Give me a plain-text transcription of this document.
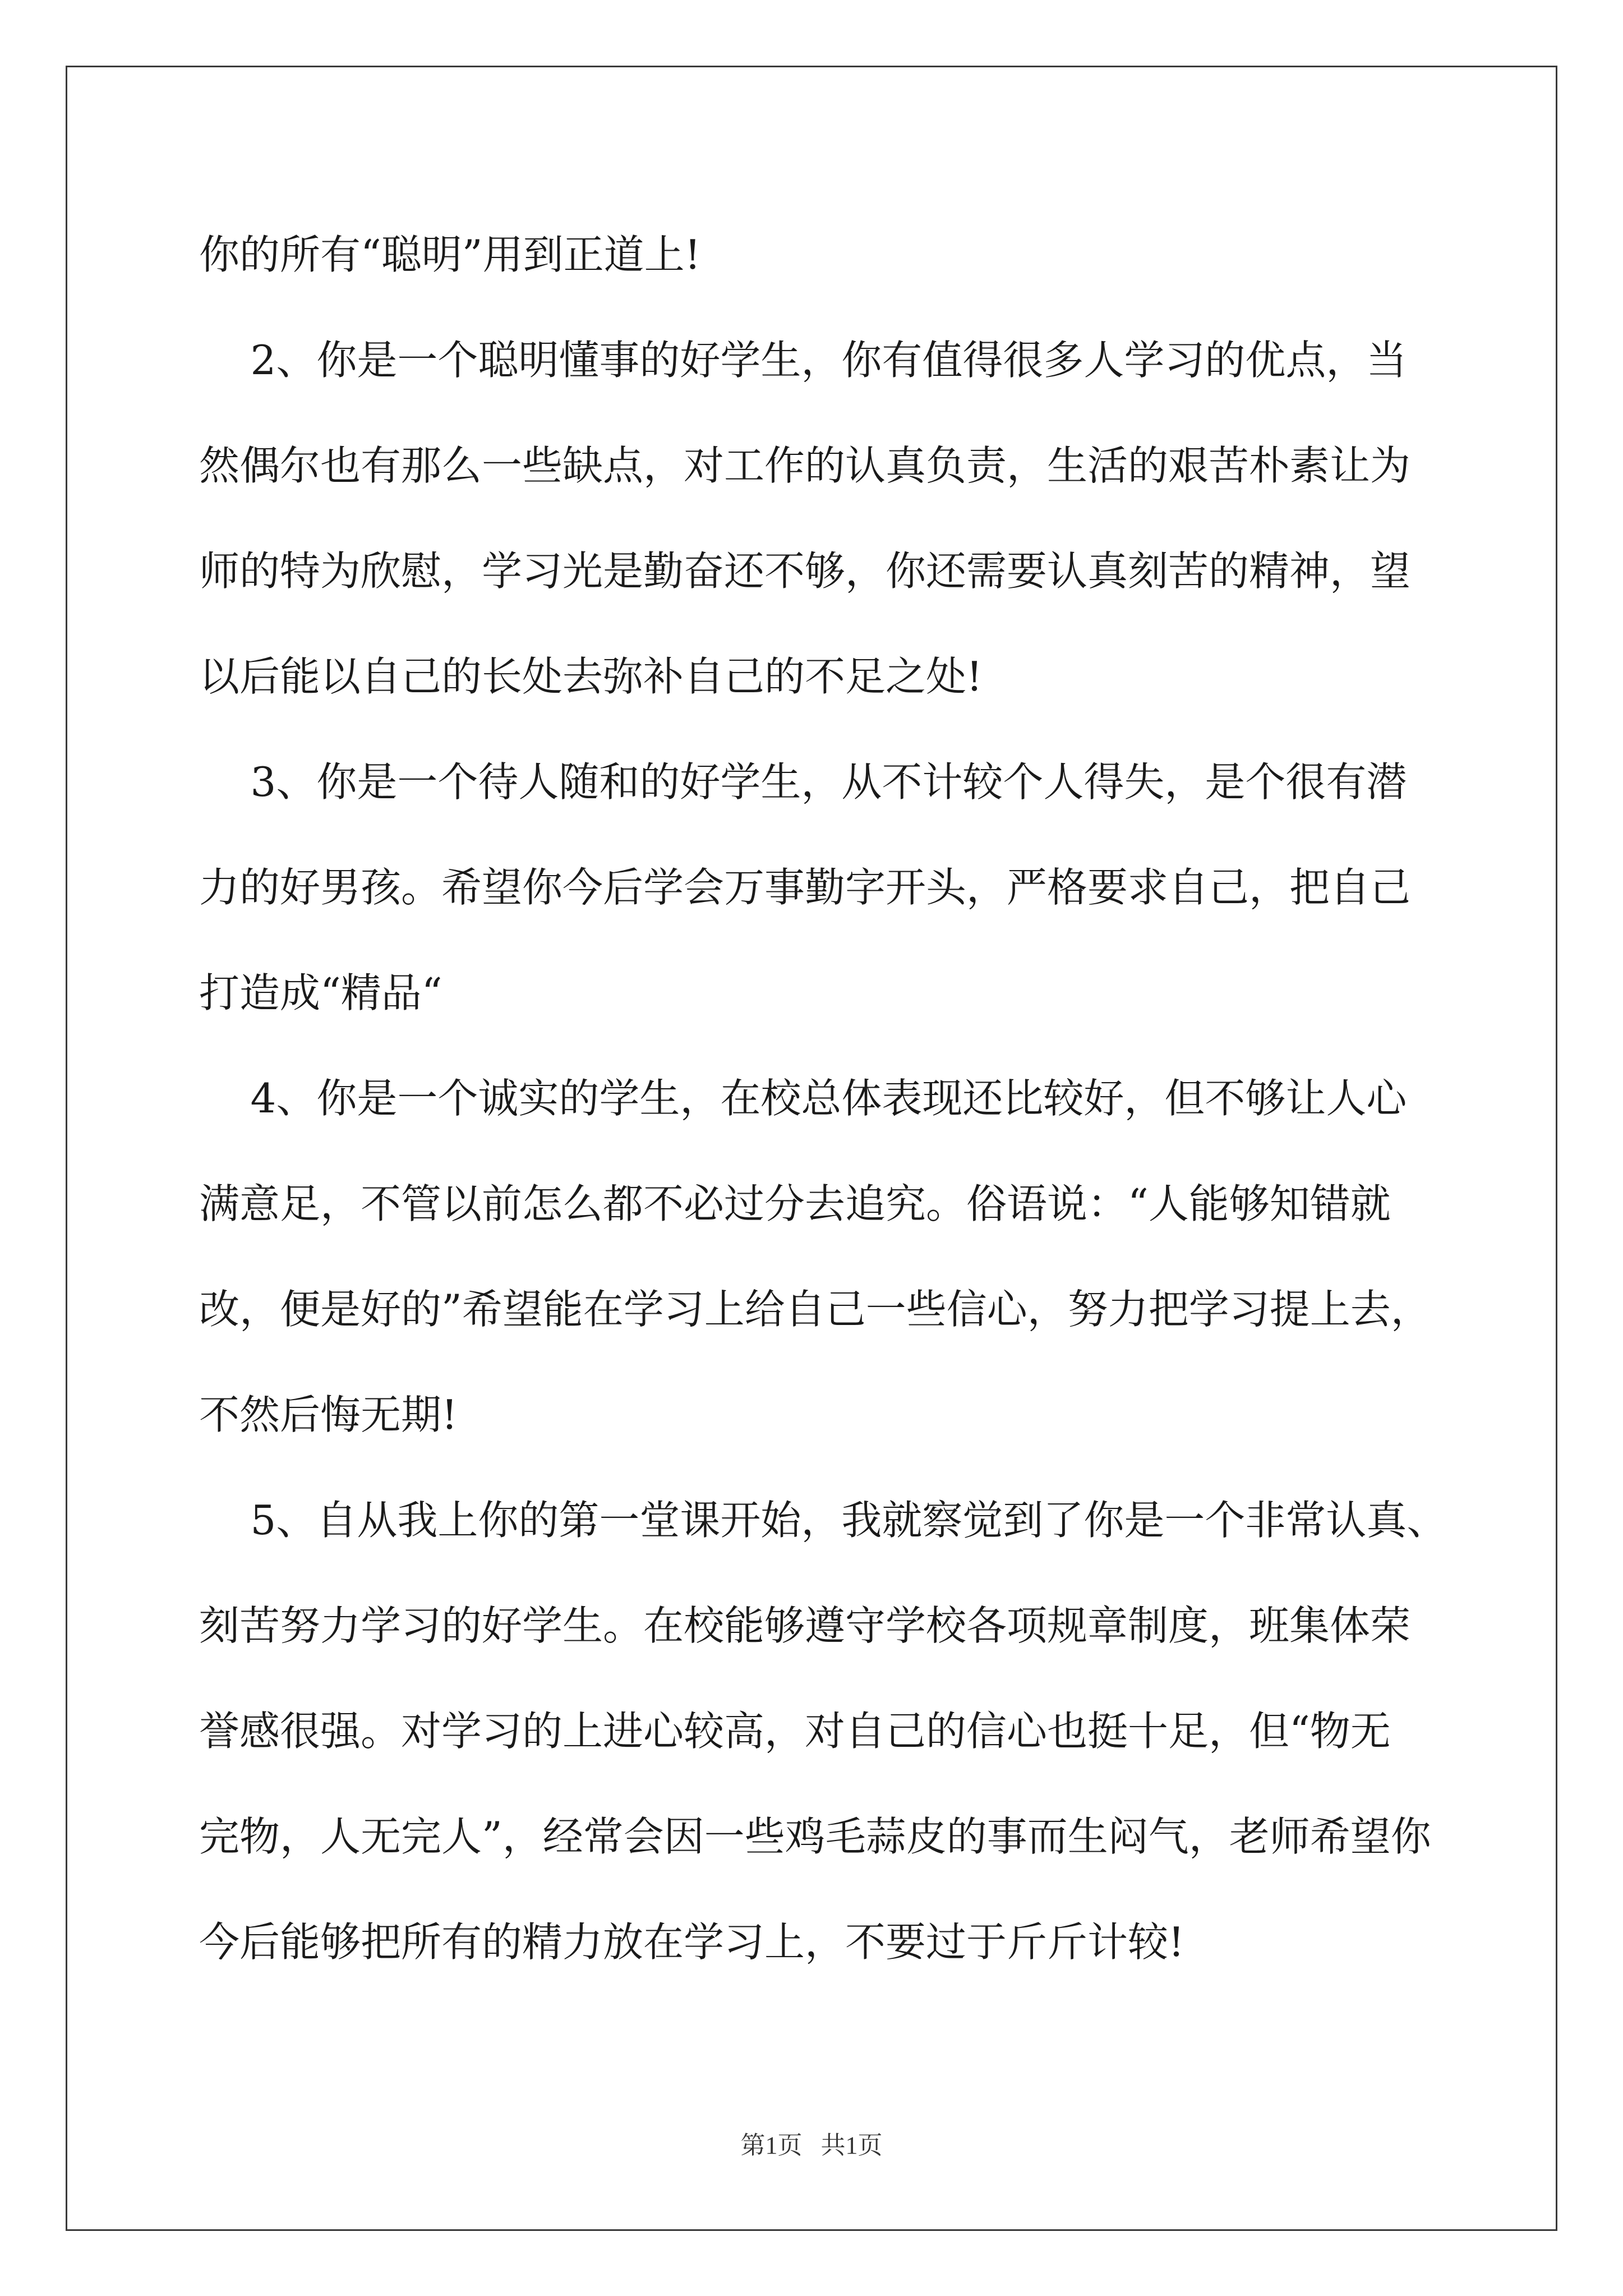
你的所有“聪明”用到正道上!

2、你是一个聪明懂事的好学生，你有值得很多人学习的优点，当

然偶尔也有那么一些缺点，对工作的认真负责，生活的艰苦朴素让为

师的特为欣慰，学习光是勤奋还不够，你还需要认真刻苦的精神，望

以后能以自己的长处去弥补自己的不足之处!

3、你是一个待人随和的好学生，从不计较个人得失，是个很有潜

力的好男孩。希望你今后学会万事勤字开头，严格要求自己，把自己

打造成“精品“

4、你是一个诚实的学生，在校总体表现还比较好，但不够让人心

满意足，不管以前怎么都不必过分去追究。俗语说：“人能够知错就

改，便是好的”希望能在学习上给自己一些信心，努力把学习提上去，

不然后悔无期!

5、自从我上你的第一堂课开始，我就察觉到了你是一个非常认真、

刻苦努力学习的好学生。在校能够遵守学校各项规章制度，班集体荣

誉感很强。对学习的上进心较高，对自己的信心也挺十足，但“物无

完物，人无完人”，经常会因一些鸡毛蒜皮的事而生闷气，老师希望你

今后能够把所有的精力放在学习上，不要过于斤斤计较!

第1页   共1页
